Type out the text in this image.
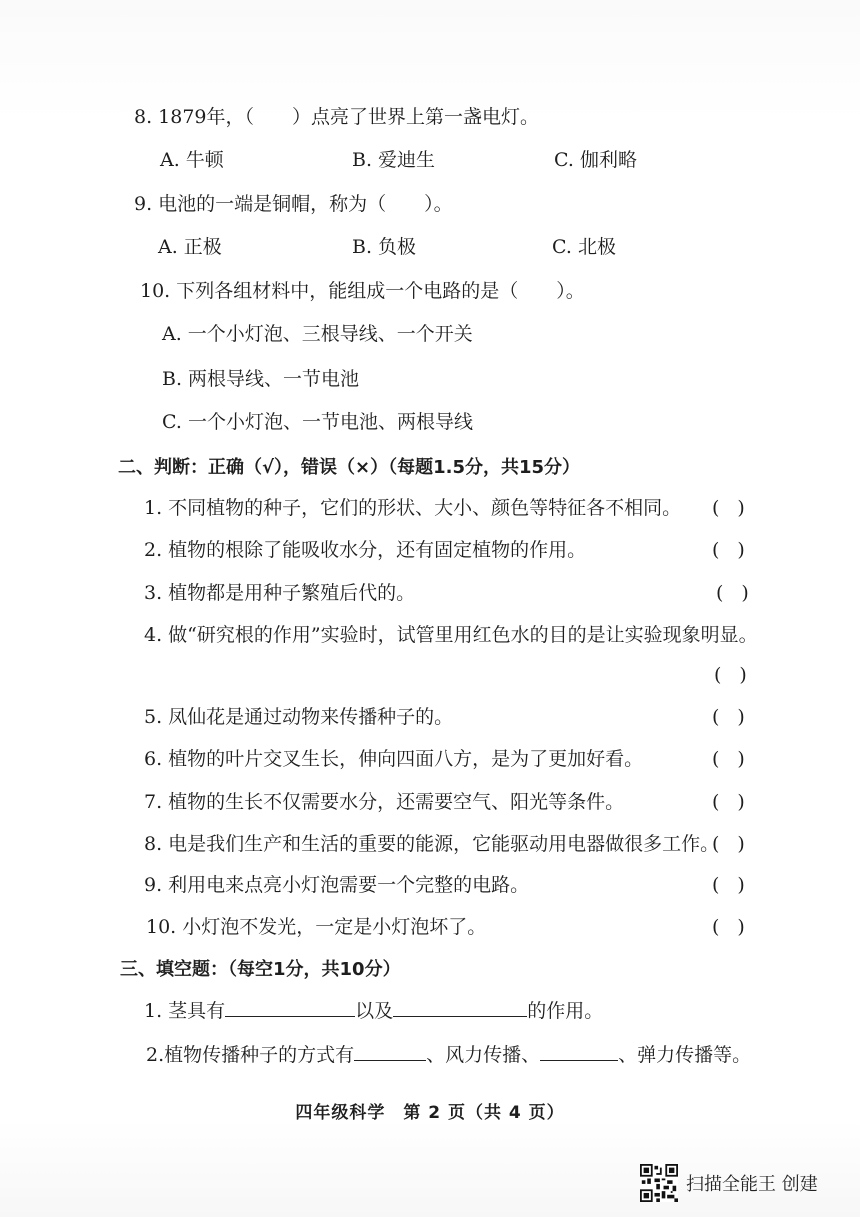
8. 1879年，（　　）点亮了世界上第一盏电灯。
A. 牛顿	B. 爱迪生	C. 伽利略
9. 电池的一端是铜帽，称为（　　）。
A. 正极	B. 负极	C. 北极
10. 下列各组材料中，能组成一个电路的是（　　）。
A. 一个小灯泡、三根导线、一个开关
B. 两根导线、一节电池
C. 一个小灯泡、一节电池、两根导线
二、判断：正确（√），错误（×）（每题1.5分，共15分）
1. 不同植物的种子，它们的形状、大小、颜色等特征各不相同。 ()
2. 植物的根除了能吸收水分，还有固定植物的作用。	()
3. 植物都是用种子繁殖后代的。	()
4. 做“研究根的作用”实验时，试管里用红色水的目的是让实验现象明显。
()
5. 凤仙花是通过动物来传播种子的。	()
6. 植物的叶片交叉生长，伸向四面八方，是为了更加好看。	()
7. 植物的生长不仅需要水分，还需要空气、阳光等条件。	()
8. 电是我们生产和生活的重要的能源，它能驱动用电器做很多工作。
()
9. 利用电来点亮小灯泡需要一个完整的电路。	()
10. 小灯泡不发光，一定是小灯泡坏了。	()
三、填空题：（每空1分，共10分）
1. 茎具有	以及	的作用。
2.植物传播种子的方式有	、风力传播、	、弹力传播等。
四年级科学　第 2 页（共 4 页）
扫描全能王 创建
